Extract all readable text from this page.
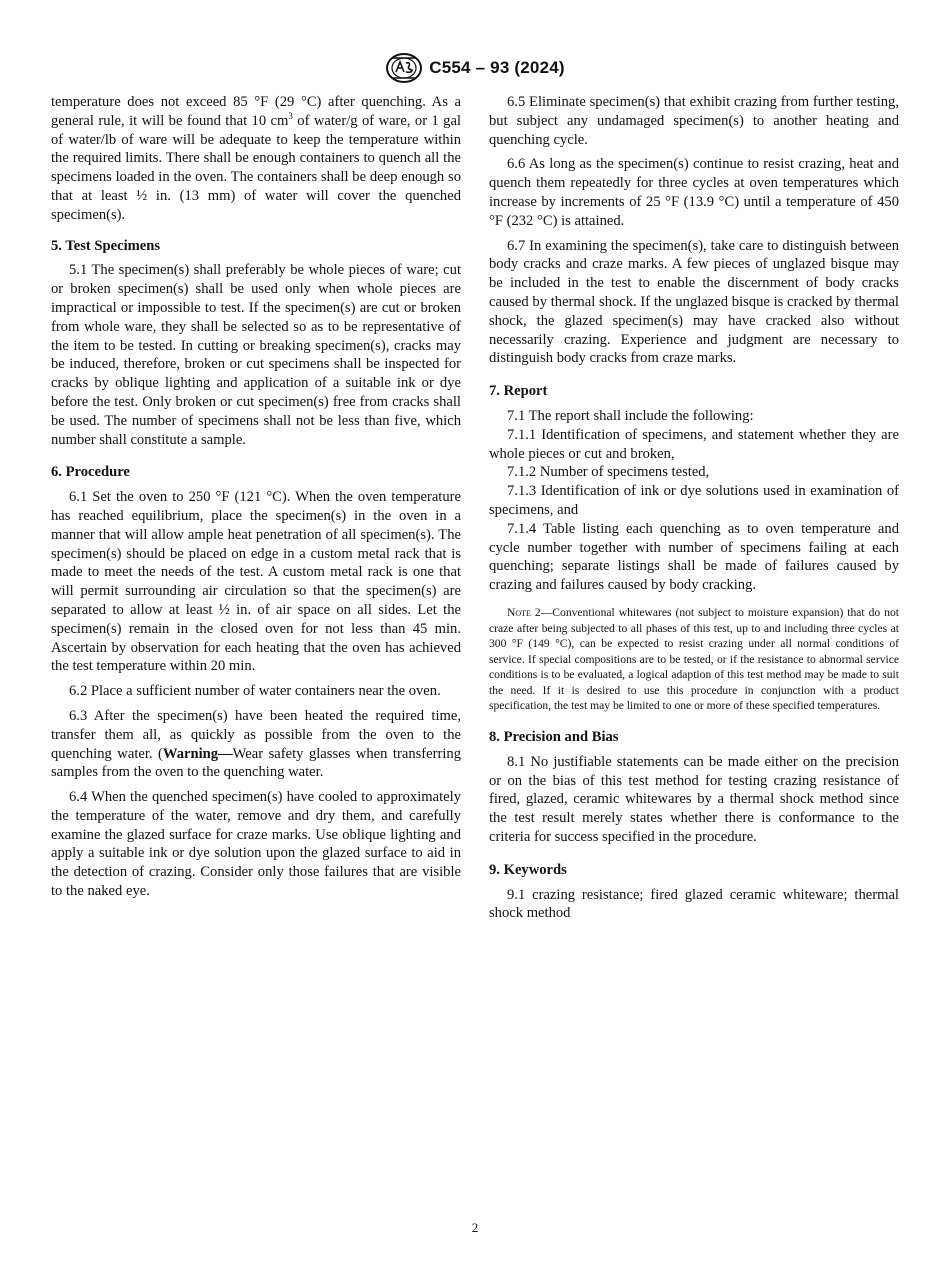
C554 – 93 (2024)

temperature does not exceed 85 °F (29 °C) after quenching. As a general rule, it will be found that 10 $cm^3$ of water/g of ware, or 1 gal of water/lb of ware will be adequate to keep the temperature within the required limits. There shall be enough containers to quench all the specimens loaded in the oven. The containers shall be deep enough so that at least ½ in. (13 mm) of water will cover the quenched specimen(s).

5. Test Specimens

5.1 The specimen(s) shall preferably be whole pieces of ware; cut or broken specimen(s) shall be used only when whole pieces are impractical or impossible to test. If the specimen(s) are cut or broken from whole ware, they shall be selected so as to be representative of the item to be tested. In cutting or breaking specimen(s), cracks may be induced, therefore, broken or cut specimens shall be inspected for cracks by oblique lighting and application of a suitable ink or dye before the test. Only broken or cut specimen(s) free from cracks shall be used. The number of specimens shall not be less than five, which number shall constitute a sample.

6. Procedure

6.1 Set the oven to 250 °F (121 °C). When the oven temperature has reached equilibrium, place the specimen(s) in the oven in a manner that will allow ample heat penetration of all specimen(s). The specimen(s) should be placed on edge in a custom metal rack that is made to meet the needs of the test. A custom metal rack is one that will permit surrounding air circulation so that the specimen(s) are separated to allow at least ½ in. of air space on all sides. Let the specimen(s) remain in the closed oven for not less than 45 min. Ascertain by observation for each heating that the oven has achieved the test temperature within 20 min.

6.2 Place a sufficient number of water containers near the oven.

6.3 After the specimen(s) have been heated the required time, transfer them all, as quickly as possible from the oven to the quenching water. (Warning—Wear safety glasses when transferring samples from the oven to the quenching water.

6.4 When the quenched specimen(s) have cooled to approximately the temperature of the water, remove and dry them, and carefully examine the glazed surface for craze marks. Use oblique lighting and apply a suitable ink or dye solution upon the glazed surface to aid in the detection of crazing. Consider only those failures that are visible to the naked eye.

6.5 Eliminate specimen(s) that exhibit crazing from further testing, but subject any undamaged specimen(s) to another heating and quenching cycle.

6.6 As long as the specimen(s) continue to resist crazing, heat and quench them repeatedly for three cycles at oven temperatures which increase by increments of 25 °F (13.9 °C) until a temperature of 450 °F (232 °C) is attained.

6.7 In examining the specimen(s), take care to distinguish between body cracks and craze marks. A few pieces of unglazed bisque may be included in the test to enable the discernment of body cracks caused by thermal shock. If the unglazed bisque is cracked by thermal shock, the glazed specimen(s) may have cracked also without necessarily crazing. Experience and judgment are necessary to distinguish body cracks from craze marks.

7. Report

7.1 The report shall include the following:

7.1.1 Identification of specimens, and statement whether they are whole pieces or cut and broken,

7.1.2 Number of specimens tested,

7.1.3 Identification of ink or dye solutions used in examination of specimens, and

7.1.4 Table listing each quenching as to oven temperature and cycle number together with number of specimens failing at each quenching; separate listings shall be made of failures caused by crazing and failures caused by body cracking.

Note 2—Conventional whitewares (not subject to moisture expansion) that do not craze after being subjected to all phases of this test, up to and including three cycles at 300 °F (149 °C), can be expected to resist crazing under all normal conditions of service. If special compositions are to be tested, or if the resistance to abnormal service conditions is to be evaluated, a logical adaption of this test method may be made to suit the need. If it is desired to use this procedure in conjunction with a product specification, the test may be limited to one or more of these specified temperatures.
8. Precision and Bias

8.1 No justifiable statements can be made either on the precision or on the bias of this test method for testing crazing resistance of fired, glazed, ceramic whitewares by a thermal shock method since the test result merely states whether there is conformance to the criteria for success specified in the procedure.

9. Keywords

9.1 crazing resistance; fired glazed ceramic whiteware; thermal shock method

2
